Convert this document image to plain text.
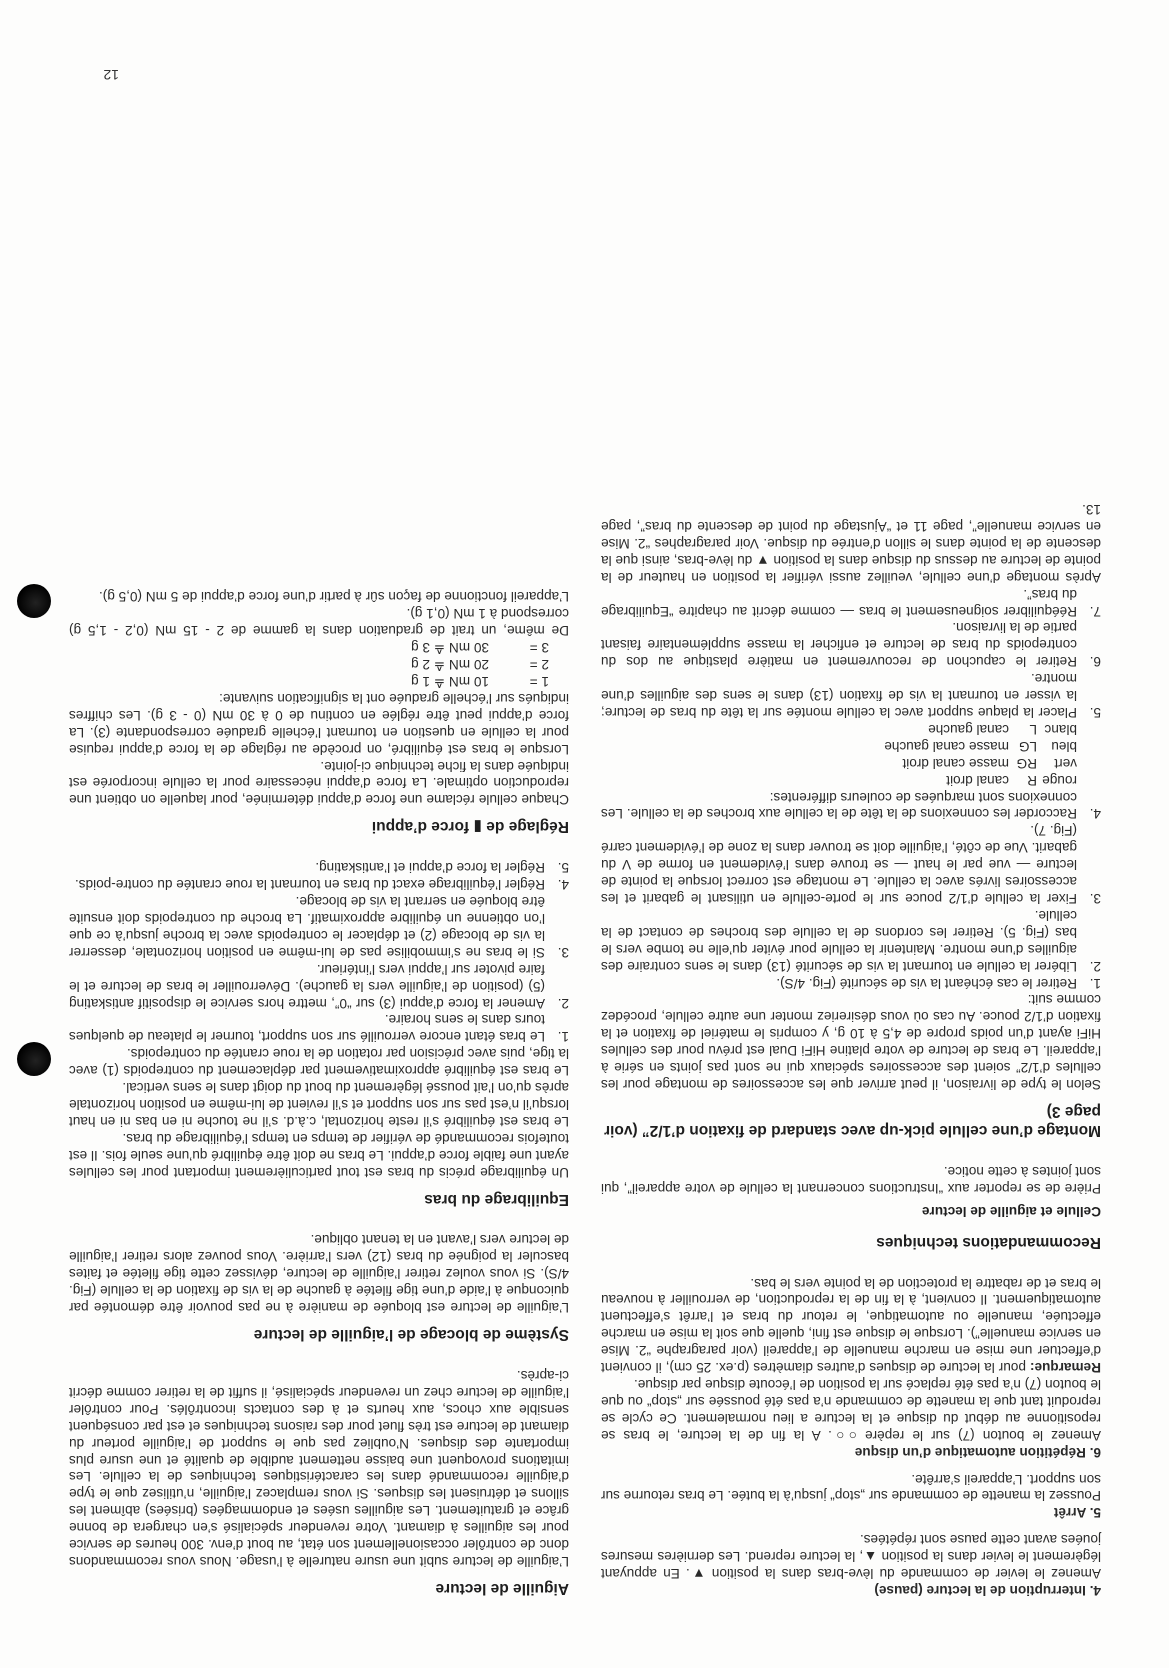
4. Interruption de la lecture (pause)
Amenez le levier de commande du lève-bras dans la position ▼. En appuyant légèrement le levier dans la position ▲, la lecture reprend. Les dernières mesures jouées avant cette pause sont répétées.
5. Arrêt
Poussez la manette de commande sur „stop“ jusqu’à la butée. Le bras retourne sur son support. L’appareil s’arrête.
6. Répétition automatique d’un disque
Amenez le bouton (7) sur le repère ○○. A la fin de la lecture, le bras se repositionne au début du disque et la lecture a lieu normalement. Ce cycle se reproduit tant que la manette de commande n’a pas été poussée sur „stop“ ou que le bouton (7) n’a pas été replacé sur la position de l’écoute disque par disque.

Remarque: pour la lecture de disques d’autres diamètres (p.ex. 25 cm), il convient d’effectuer une mise en marche manuelle de l’appareil (voir paragraphe “2. Mise en service manuelle”). Lorsque le disque est fini, quelle que soit la mise en marche effectuée, manuelle ou automatique, le retour du bras et l’arrêt s’effectuent automatiquement. Il convient, à la fin de la reproduction, de verrouiller à nouveau le bras et de rabattre la protection de la pointe vers le bas.

Recommandations techniques
Cellule et aiguille de lecture

Prière de se reporter aux “Instructions concernant la cellule de votre appareil”, qui sont jointes à cette notice.

Montage d’une cellule pick-up avec standard de fixation d’1/2” (voir page 3)

Selon le type de livraison, il peut arriver que les accessoires de montage pour les cellules d’1/2” soient des accessoires spéciaux qui ne sont pas joints en série à l’appareil. Le bras de lecture de votre platine HiFi Dual est prévu pour des cellules HiFi ayant d’un poids propre de 4,5 à 10 g, y compris le matériel de fixation et la fixation d’1/2 pouce. Au cas où vous désireriez monter une autre cellule, procédez comme suit:

1.
Retirer le cas échéant la vis de sécurité (Fig. 4/S).
2.
Libérer la cellule en tournant la vis de sécurité (13) dans le sens contraire des aiguilles d’une montre. Maintenir la cellule pour éviter qu’elle ne tombe vers le bas (Fig. 5). Retirer les cordons de la cellule des broches de contact de la cellule.
3.
Fixer la cellule d’1/2 pouce sur le porte-cellule en utilisant le gabarit et les accessoires livrés avec la cellule. Le montage est correct lorsque la pointe de lecture — vue par le haut — se trouve dans l’évidement en forme de V du gabarit. Vue de côté, l’aiguille doit se trouver dans la zone de l’évidement carré (Fig. 7).
4.
Raccorder les connexions de la tête de la cellule aux broches de la cellule. Les connexions sont marquées de couleurs différentes:
rouge
R
canal droit
vert
RG
masse canal droit
bleu
LG
masse canal gauche
blanc
L
canal gauche
5.
Placer la plaque support avec la cellule montée sur la tête du bras de lecture; la visser en tournant la vis de fixation (13) dans le sens des aiguilles d’une montre.
6.
Retirer le capuchon de recouvrement en matière plastique au dos du contrepoids du bras de lecture et enficher la masse supplémentaire faisant partie de la livraison.
7.
Rééquilibrer soigneusement le bras — comme décrit au chapitre “Equilibrage du bras”.

Après montage d’une cellule, veuillez aussi vérifier la position en hauteur de la pointe de lecture au dessus du disque dans la position ▼ du lève-bras, ainsi que la descente de la pointe dans le sillon d’entrée du disque. Voir paragraphes “2. Mise en service manuelle”, page 11 et “Ajustage du point de descente du bras”, page 13.

Aiguille de lecture

L’aiguille de lecture subit une usure naturelle à l’usage. Nous vous recommandons donc de contrôler occasionellement son état, au bout d’env. 300 heures de service pour les aiguilles à diamant. Votre revendeur spécialisé s’en chargera de bonne grâce et gratuitement. Les aiguilles usées et endommagées (brisées) abîment les sillons et détruisent les disques. Si vous remplacez l’aiguille, n’utilisez que le type d’aiguille recommandé dans les caractéristiques techniques de la cellule. Les imitations provoquent une baisse nettement audible de qualité et une usure plus importante des disques. N’oubliez pas que le support de l’aiguille porteur du diamant de lecture est très fluet pour des raisons techniques et est par conséquent sensible aux chocs, aux heurts et à des contacts incontrôlés. Pour contrôler l’aiguille de lecture chez un revendeur spécialisé, il suffit de la retirer comme décrit ci-après.

Système de blocage de l’aiguille de lecture

L’aiguille de lecture est bloquée de manière à ne pas pouvoir être démontée par quiconque à l’aide d’une tige filetée à gauche de la vis de fixation de la cellule (Fig. 4/S). Si vous voulez retirer l’aiguille de lecture, dévissez cette tige filetée et faites basculer la poignée du bras (12) vers l’arrière. Vous pouvez alors retirer l’aiguille de lecture vers l’avant en la tenant oblique.

Equilibrage du bras

Un équilibrage précis du bras est tout particulièrement important pour les cellules ayant une faible force d’appui. Le bras ne doit être équilibré qu’une seule fois. Il est toutefois recommandé de vérifier de temps en temps l’équilibrage du bras.

Le bras est équilibré s’il reste horizontal, c.à.d. s’il ne touche ni en bas ni en haut lorsqu’il n’est pas sur son support et s’il revient de lui-même en position horizontale après qu’on l’ait poussé légèrement du bout du doigt dans le sens vertical.

Le bras est équilibré approximativement par déplacement du contrepoids (1) avec la tige, puis avec précision par rotation de la roue crantée du contrepoids.

1.
Le bras étant encore verrouillé sur son support, tourner le plateau de quelques tours dans le sens horaire.
2.
Amener la force d’appui (3) sur “0”, mettre hors service le dispositif antiskating (5) (position de l’aiguille vers la gauche). Déverrouiller le bras de lecture et le faire pivoter sur l’appui vers l’intérieur.
3.
Si le bras ne s’immobilise pas de lui-même en position horizontale, desserrer la vis de blocage (2) et déplacer le contrepoids avec la broche jusqu’à ce que l’on obtienne un équilibre approximatif. La broche du contrepoids doit ensuite être bloquée en serrant la vis de blocage.
4.
Régler l’équilibrage exact du bras en tournant la roue crantée du contre-poids.
5.
Régler la force d’appui et l’antiskating.
Réglage de ▮ force d’appui

Chaque cellule réclame une force d’appui déterminée, pour laquelle on obtient une reproduction optimale. La force d’appui nécessaire pour la cellule incorporée est indiquée dans la fiche technique ci-jointe.

Lorsque le bras est équilibré, on procède au réglage de la force d’appui requise pour la cellule en question en tournant l’échelle graduée correspondante (3). La force d’appui peut être réglée en continu de 0 à 30 mN (0 - 3 g). Les chiffres indiqués sur l’échelle graduée ont la signification suivante:

1 =
10 mN ≙ 1 g
2 =
20 mN ≙ 2 g
3 =
30 mN ≙ 3 g

De même, un trait de graduation dans la gamme de 2 - 15 mN (0,2 - 1,5 g) correspond à 1 mN (0,1 g).

L’appareil fonctionne de façon sûr à partir d’une force d’appui de 5 mN (0,5 g).

12
